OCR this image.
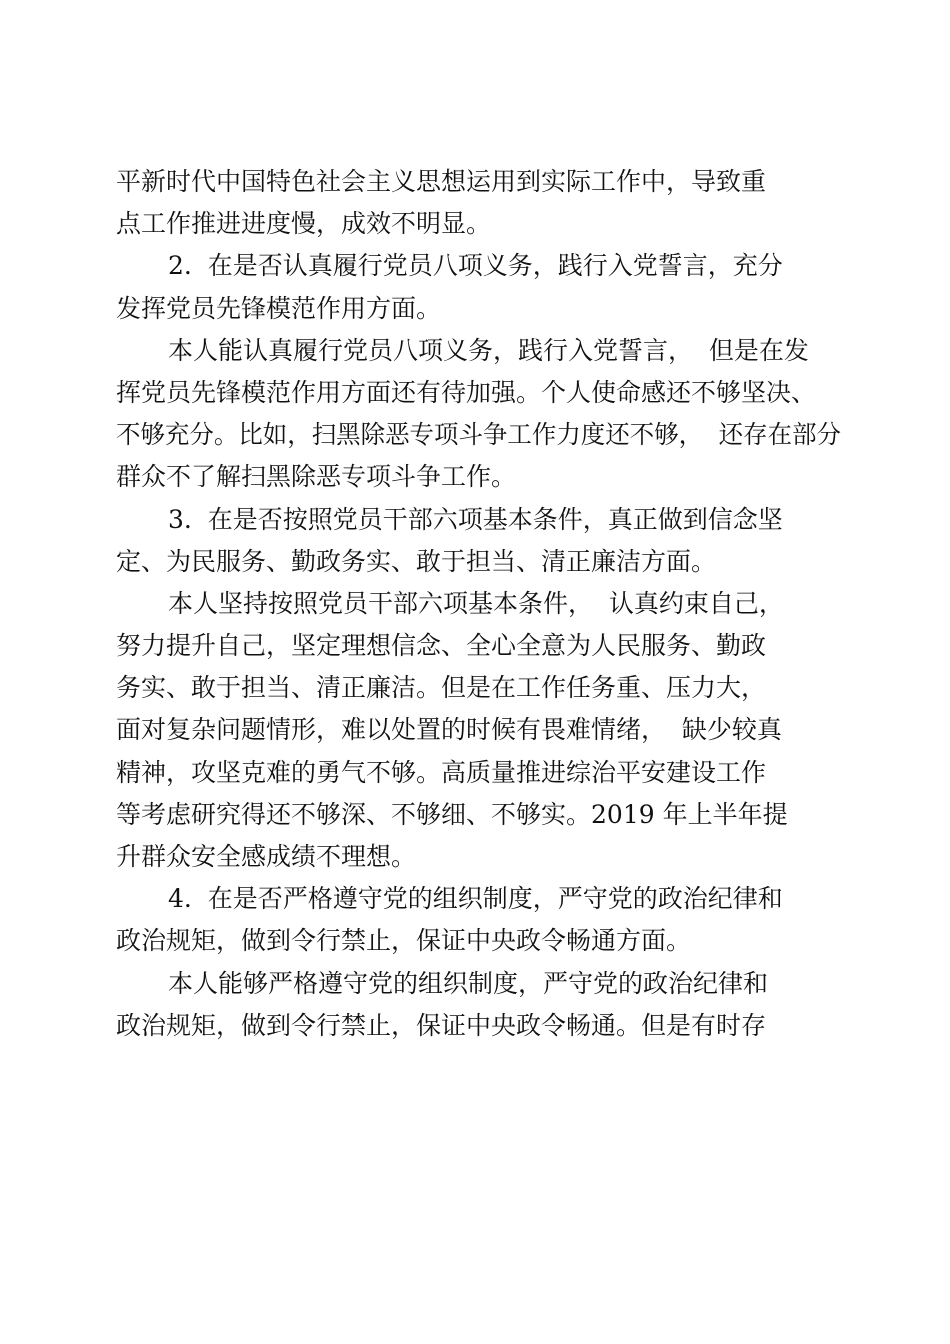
平新时代中国特色社会主义思想运用到实际工作中，导致重
点工作推进进度慢，成效不明显。
2.  在是否认真履行党员八项义务，践行入党誓言，充分
发挥党员先锋模范作用方面。
本人能认真履行党员八项义务，践行入党誓言，  但是在发
挥党员先锋模范作用方面还有待加强。个人使命感还不够坚决、
不够充分。比如，扫黑除恶专项斗争工作力度还不够，  还存在部分
群众不了解扫黑除恶专项斗争工作。
3.  在是否按照党员干部六项基本条件，真正做到信念坚
定、为民服务、勤政务实、敢于担当、清正廉洁方面。
本人坚持按照党员干部六项基本条件，  认真约束自己，
努力提升自己，坚定理想信念、全心全意为人民服务、勤政
务实、敢于担当、清正廉洁。但是在工作任务重、压力大，
面对复杂问题情形，难以处置的时候有畏难情绪，  缺少较真
精神，攻坚克难的勇气不够。高质量推进综治平安建设工作
等考虑研究得还不够深、不够细、不够实。2019 年上半年提
升群众安全感成绩不理想。
4.  在是否严格遵守党的组织制度，严守党的政治纪律和
政治规矩，做到令行禁止，保证中央政令畅通方面。
本人能够严格遵守党的组织制度，严守党的政治纪律和
政治规矩，做到令行禁止，保证中央政令畅通。但是有时存
